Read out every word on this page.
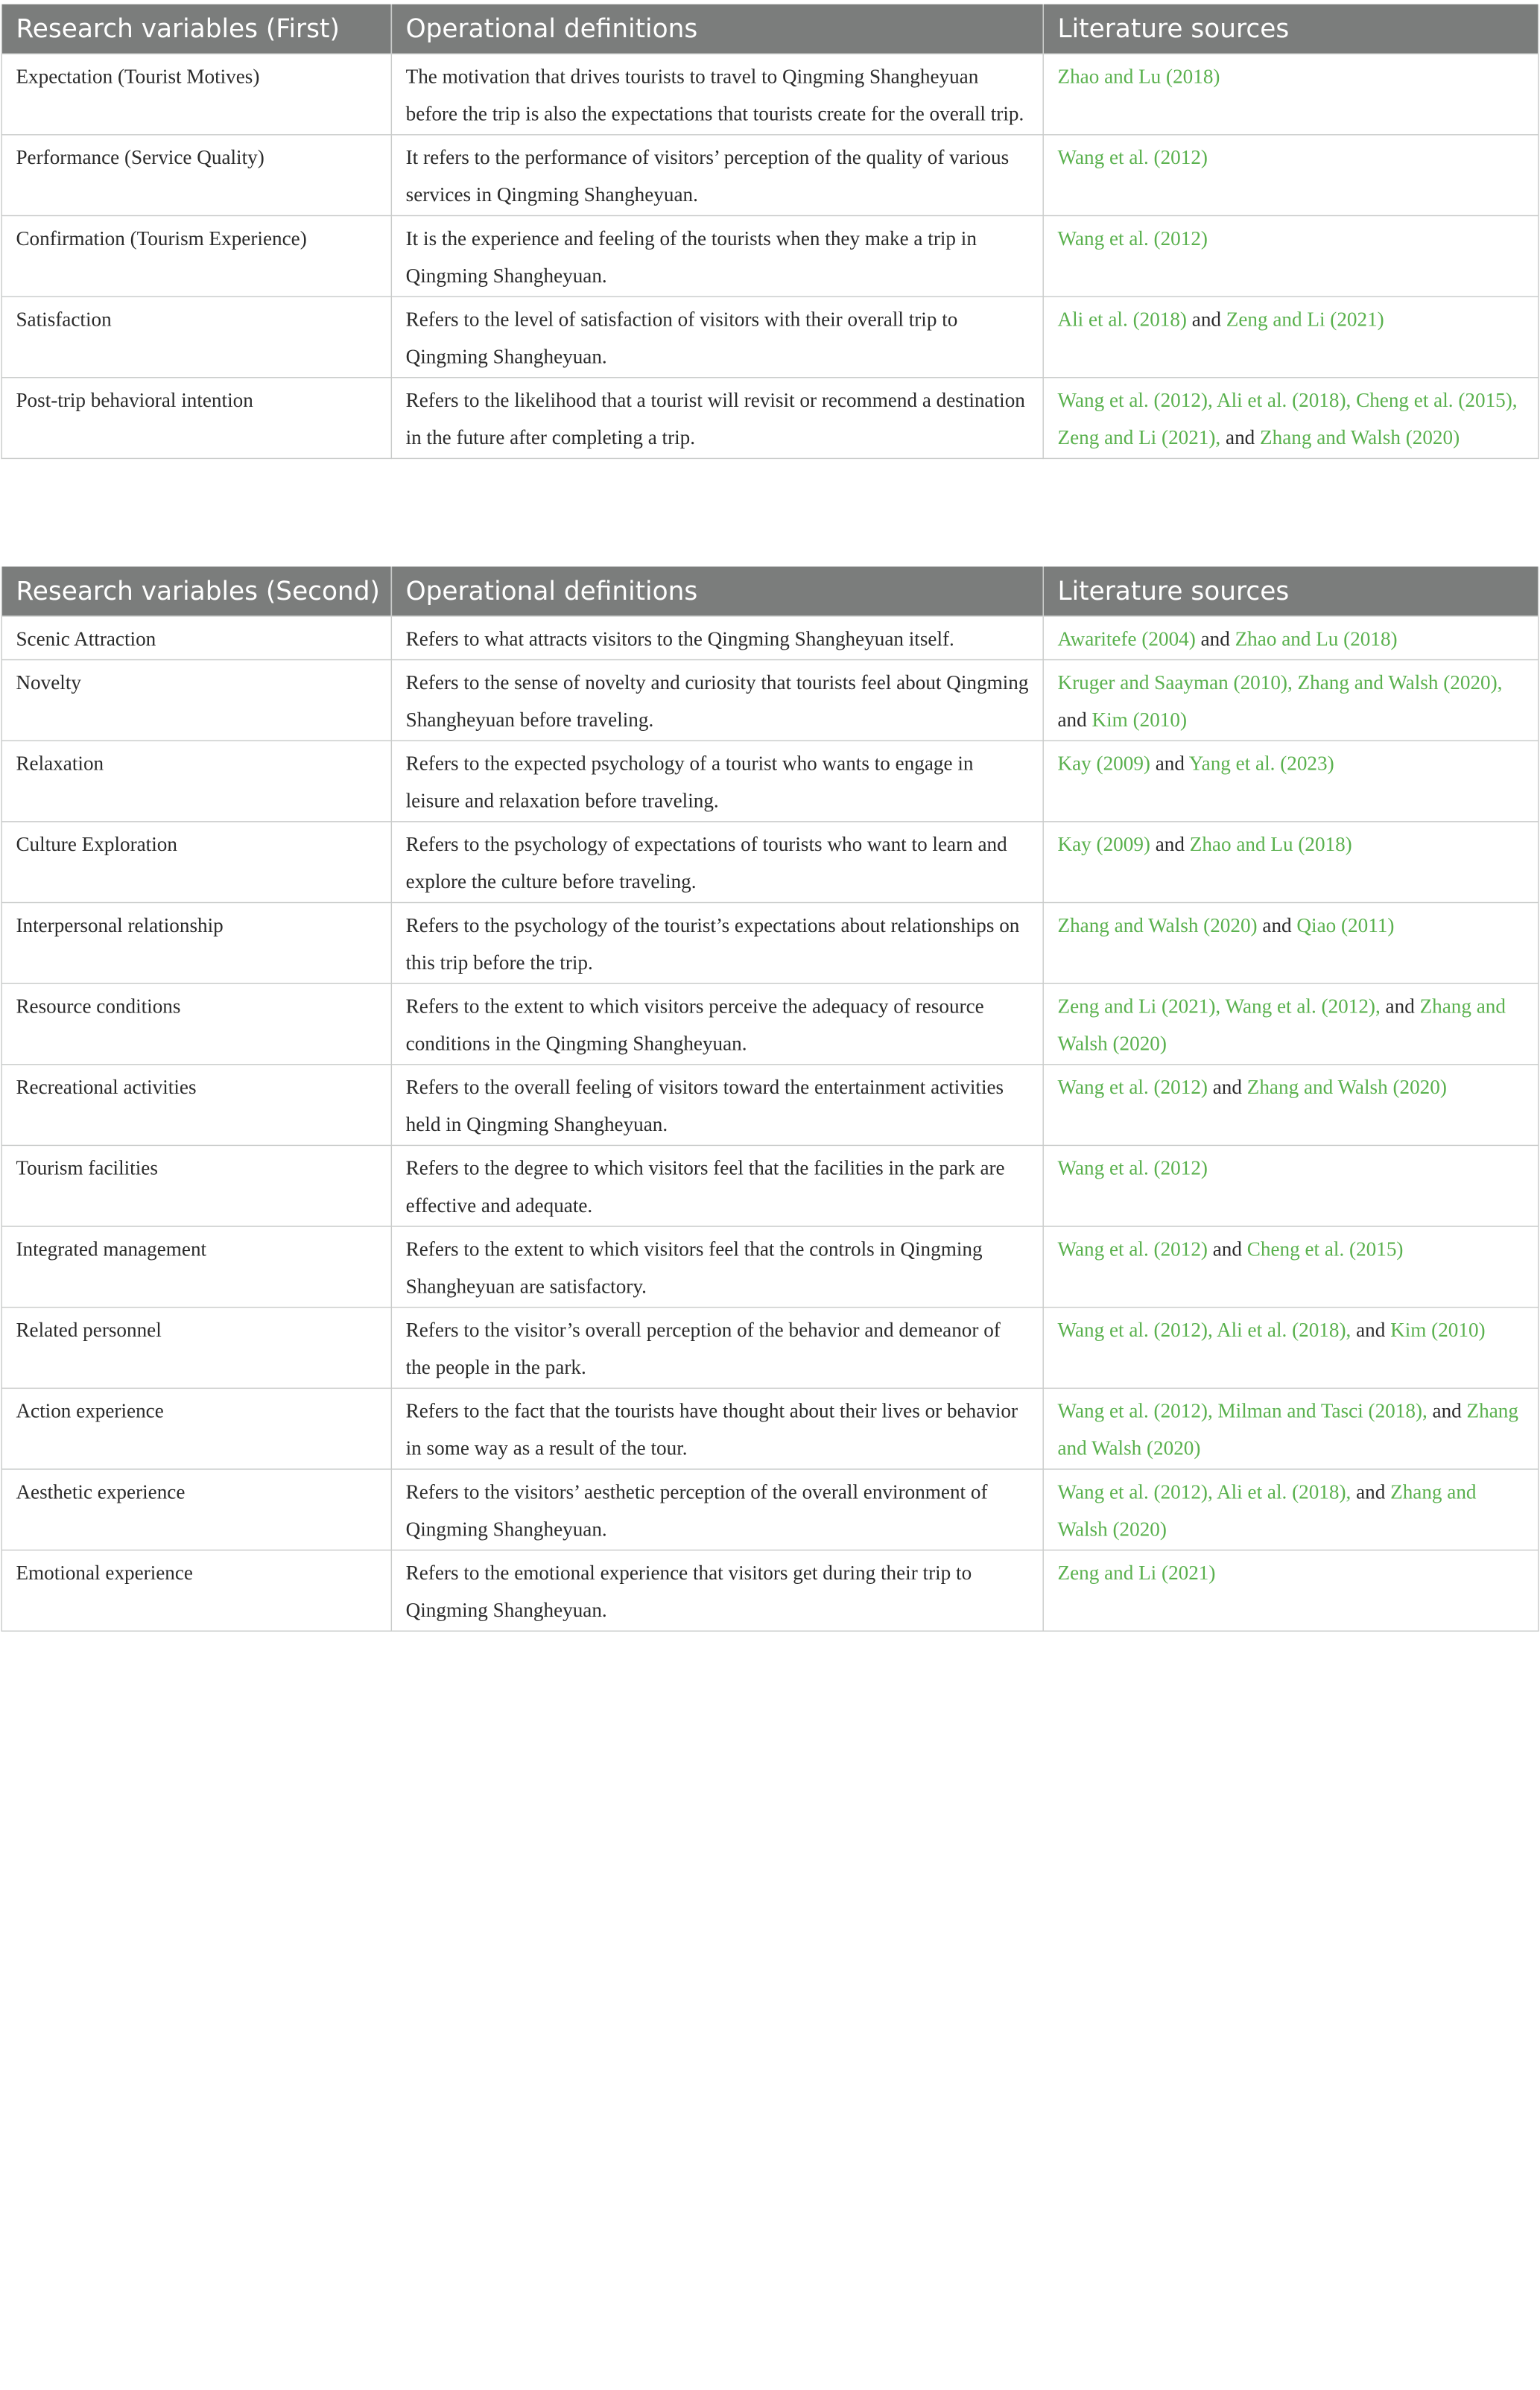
Research variables (First)	Operational definitions	Literature sources
Expectation (Tourist Motives)	The motivation that drives tourists to travel to Qingming Shangheyuan before the trip is also the expectations that tourists create for the overall trip.	Zhao and Lu (2018)
Performance (Service Quality)	It refers to the performance of visitors’ perception of the quality of various services in Qingming Shangheyuan.	Wang et al. (2012)
Confirmation (Tourism Experience)	It is the experience and feeling of the tourists when they make a trip in Qingming Shangheyuan.	Wang et al. (2012)
Satisfaction	Refers to the level of satisfaction of visitors with their overall trip to Qingming Shangheyuan.	Ali et al. (2018) and Zeng and Li (2021)
Post-trip behavioral intention	Refers to the likelihood that a tourist will revisit or recommend a destination in the future after completing a trip.	Wang et al. (2012), Ali et al. (2018), Cheng et al. (2015), Zeng and Li (2021), and Zhang and Walsh (2020)
Research variables (Second)	Operational definitions	Literature sources
Scenic Attraction	Refers to what attracts visitors to the Qingming Shangheyuan itself.	Awaritefe (2004) and Zhao and Lu (2018)
Novelty	Refers to the sense of novelty and curiosity that tourists feel about Qingming Shangheyuan before traveling.	Kruger and Saayman (2010), Zhang and Walsh (2020), and Kim (2010)
Relaxation	Refers to the expected psychology of a tourist who wants to engage in leisure and relaxation before traveling.	Kay (2009) and Yang et al. (2023)
Culture Exploration	Refers to the psychology of expectations of tourists who want to learn and explore the culture before traveling.	Kay (2009) and Zhao and Lu (2018)
Interpersonal relationship	Refers to the psychology of the tourist’s expectations about relationships on this trip before the trip.	Zhang and Walsh (2020) and Qiao (2011)
Resource conditions	Refers to the extent to which visitors perceive the adequacy of resource conditions in the Qingming Shangheyuan.	Zeng and Li (2021), Wang et al. (2012), and Zhang and Walsh (2020)
Recreational activities	Refers to the overall feeling of visitors toward the entertainment activities held in Qingming Shangheyuan.	Wang et al. (2012) and Zhang and Walsh (2020)
Tourism facilities	Refers to the degree to which visitors feel that the facilities in the park are effective and adequate.	Wang et al. (2012)
Integrated management	Refers to the extent to which visitors feel that the controls in Qingming Shangheyuan are satisfactory.	Wang et al. (2012) and Cheng et al. (2015)
Related personnel	Refers to the visitor’s overall perception of the behavior and demeanor of the people in the park.	Wang et al. (2012), Ali et al. (2018), and Kim (2010)
Action experience	Refers to the fact that the tourists have thought about their lives or behavior in some way as a result of the tour.	Wang et al. (2012), Milman and Tasci (2018), and Zhang and Walsh (2020)
Aesthetic experience	Refers to the visitors’ aesthetic perception of the overall environment of Qingming Shangheyuan.	Wang et al. (2012), Ali et al. (2018), and Zhang and Walsh (2020)
Emotional experience	Refers to the emotional experience that visitors get during their trip to Qingming Shangheyuan.	Zeng and Li (2021)
